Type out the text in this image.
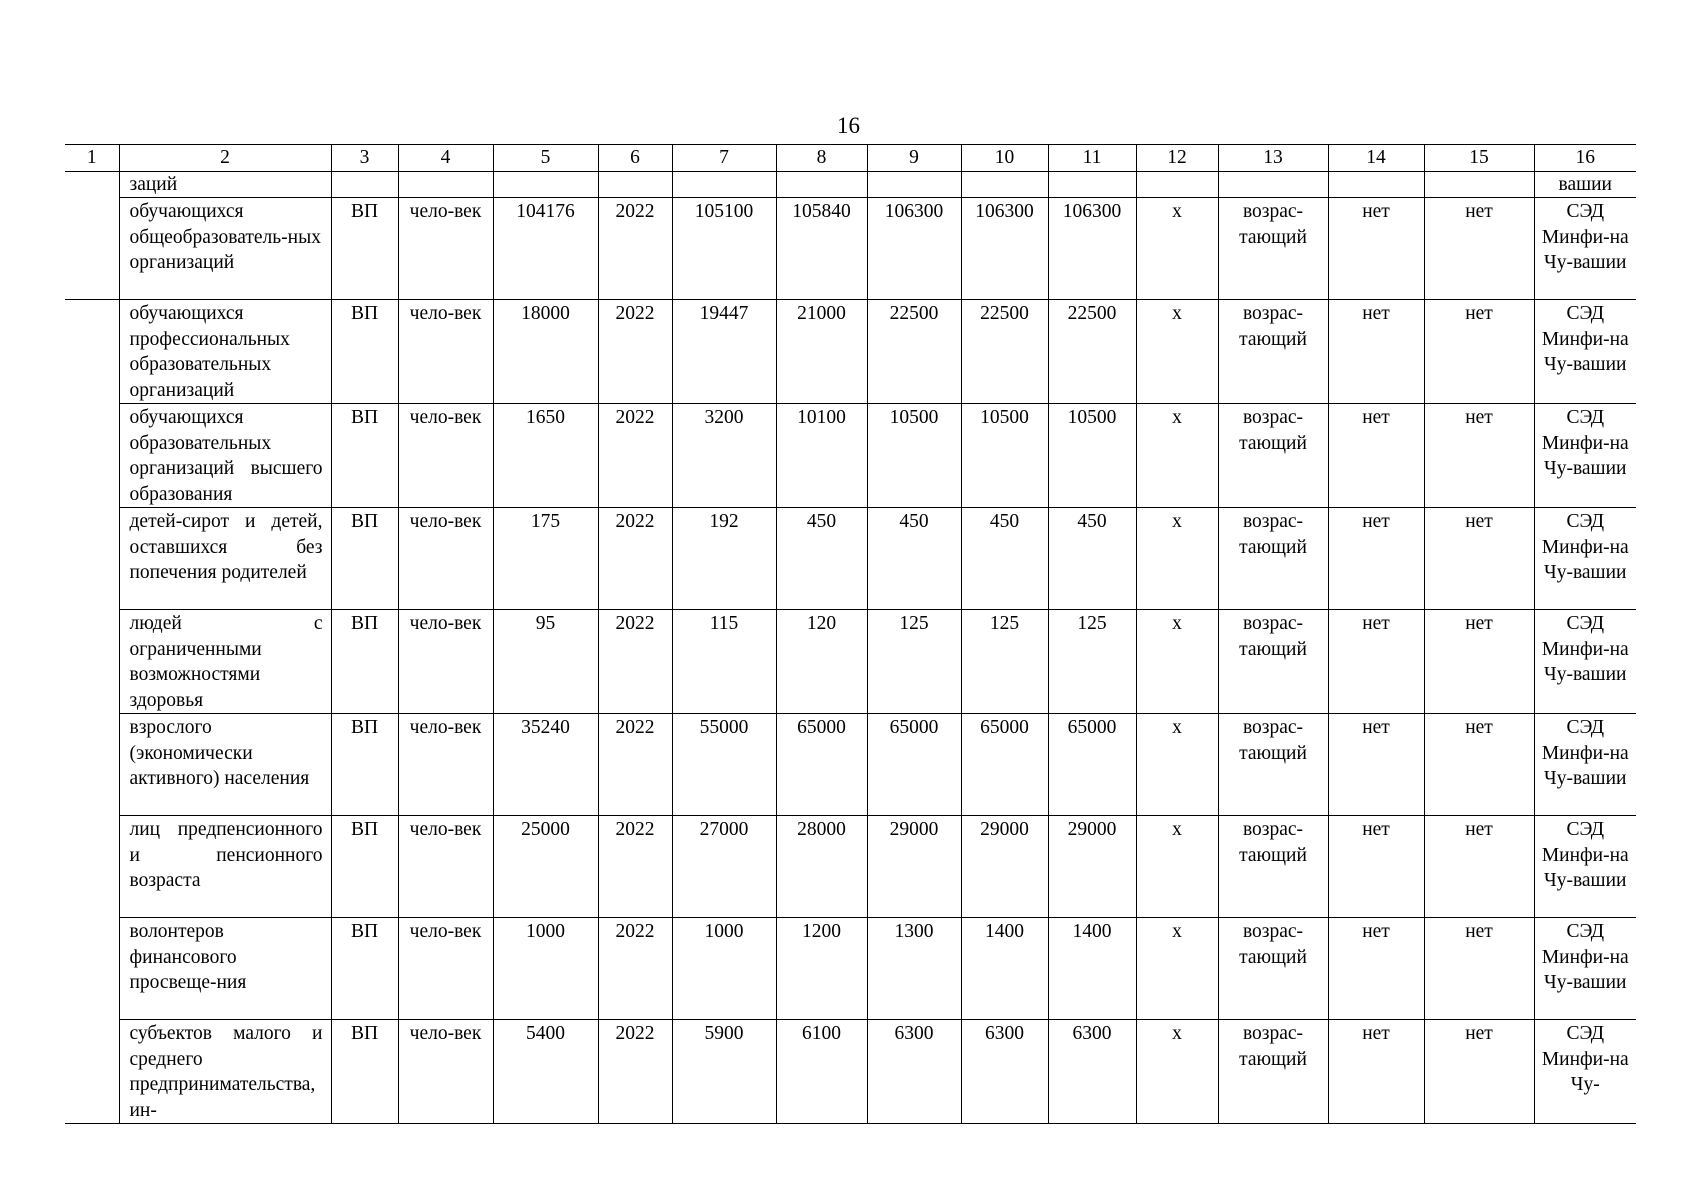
16
1	2	3	4	5	6	7	8	9	10	11	12	13	14	15	16
	заций														вашии
	обучающихся общеобразователь-ных организаций	ВП	чело-век	104176	2022	105100	105840	106300	106300	106300	х	возрас-тающий	нет	нет	СЭД Минфи-на Чу-вашии
	обучающихся профессиональных образовательных организаций	ВП	чело-век	18000	2022	19447	21000	22500	22500	22500	х	возрас-тающий	нет	нет	СЭД Минфи-на Чу-вашии
	обучающихся образовательных организаций высшего образования	ВП	чело-век	1650	2022	3200	10100	10500	10500	10500	х	возрас-тающий	нет	нет	СЭД Минфи-на Чу-вашии
	детей-сирот и детей, оставшихся без попечения родителей	ВП	чело-век	175	2022	192	450	450	450	450	х	возрас-тающий	нет	нет	СЭД Минфи-на Чу-вашии
	людей с ограниченными возможностями здоровья	ВП	чело-век	95	2022	115	120	125	125	125	х	возрас-тающий	нет	нет	СЭД Минфи-на Чу-вашии
	взрослого (экономически активного) населения	ВП	чело-век	35240	2022	55000	65000	65000	65000	65000	х	возрас-тающий	нет	нет	СЭД Минфи-на Чу-вашии
	лиц предпенсионного и пенсионного возраста	ВП	чело-век	25000	2022	27000	28000	29000	29000	29000	х	возрас-тающий	нет	нет	СЭД Минфи-на Чу-вашии
	волонтеров финансового просвеще-ния	ВП	чело-век	1000	2022	1000	1200	1300	1400	1400	х	возрас-тающий	нет	нет	СЭД Минфи-на Чу-вашии
	субъектов малого и среднего предпринимательства, ин-	ВП	чело-век	5400	2022	5900	6100	6300	6300	6300	х	возрас-тающий	нет	нет	СЭД Минфи-на Чу-
